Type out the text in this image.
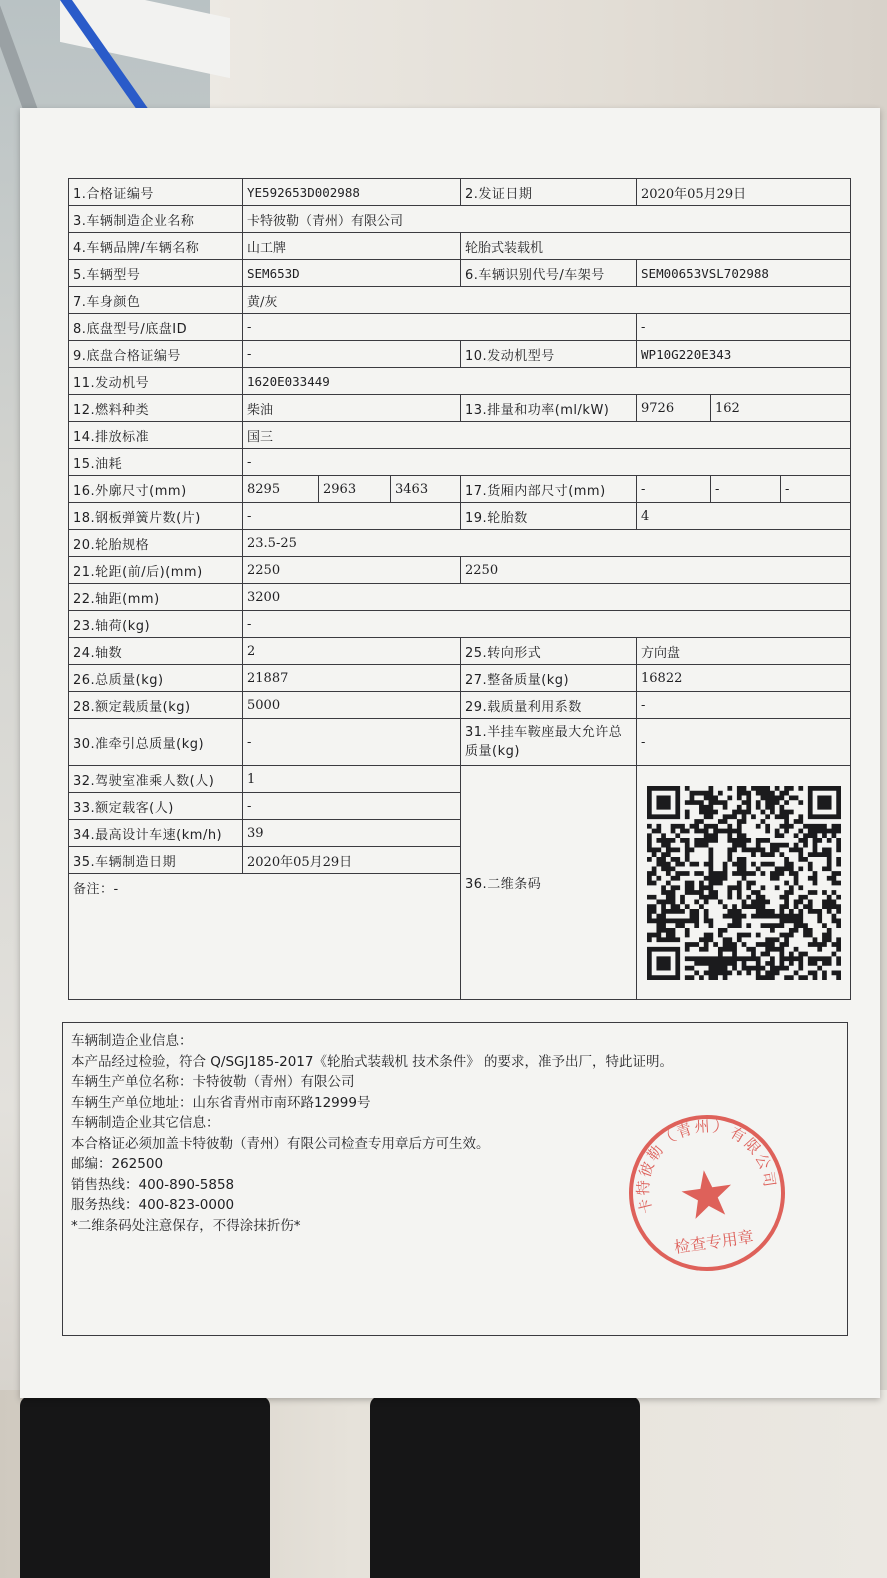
1.合格证编号	YE592653D002988			2.发证日期	2020年05月29日		
3.车辆制造企业名称	卡特彼勒（青州）有限公司						
4.车辆品牌/车辆名称	山工牌			轮胎式装载机			
5.车辆型号	SEM653D			6.车辆识别代号/车架号	SEM00653VSL702988		
7.车身颜色	黄/灰						
8.底盘型号/底盘ID	-				-		
9.底盘合格证编号	-			10.发动机型号	WP10G220E343		
11.发动机号	1620E033449						
12.燃料种类	柴油			13.排量和功率(ml/kW)	9726	162	
14.排放标准	国三						
15.油耗	-						
16.外廓尺寸(mm)	8295	2963	3463	17.货厢内部尺寸(mm)	-	-	-
18.钢板弹簧片数(片)	-			19.轮胎数	4		
20.轮胎规格	23.5-25						
21.轮距(前/后)(mm)	2250			2250			
22.轴距(mm)	3200						
23.轴荷(kg)	-						
24.轴数	2			25.转向形式	方向盘		
26.总质量(kg)	21887			27.整备质量(kg)	16822		
28.额定载质量(kg)	5000			29.载质量利用系数	-		
30.准牵引总质量(kg)	-			31.半挂车鞍座最大允许总质量(kg)	-		
32.驾驶室准乘人数(人)	1			36.二维条码	

33.额定载客(人)	-						
34.最高设计车速(km/h)	39						
35.车辆制造日期	2020年05月29日						
备注：-							
车辆制造企业信息：
本产品经过检验，符合 Q/SGJ185-2017《轮胎式装载机 技术条件》 的要求，准予出厂，特此证明。
车辆生产单位名称：卡特彼勒（青州）有限公司
车辆生产单位地址：山东省青州市南环路12999号
车辆制造企业其它信息：
本合格证必须加盖卡特彼勒（青州）有限公司检查专用章后方可生效。
邮编：262500
销售热线：400-890-5858
服务热线：400-823-0000
*二维条码处注意保存，不得涂抹折伤*
卡特彼勒（青州）有限公司
检查专用章
